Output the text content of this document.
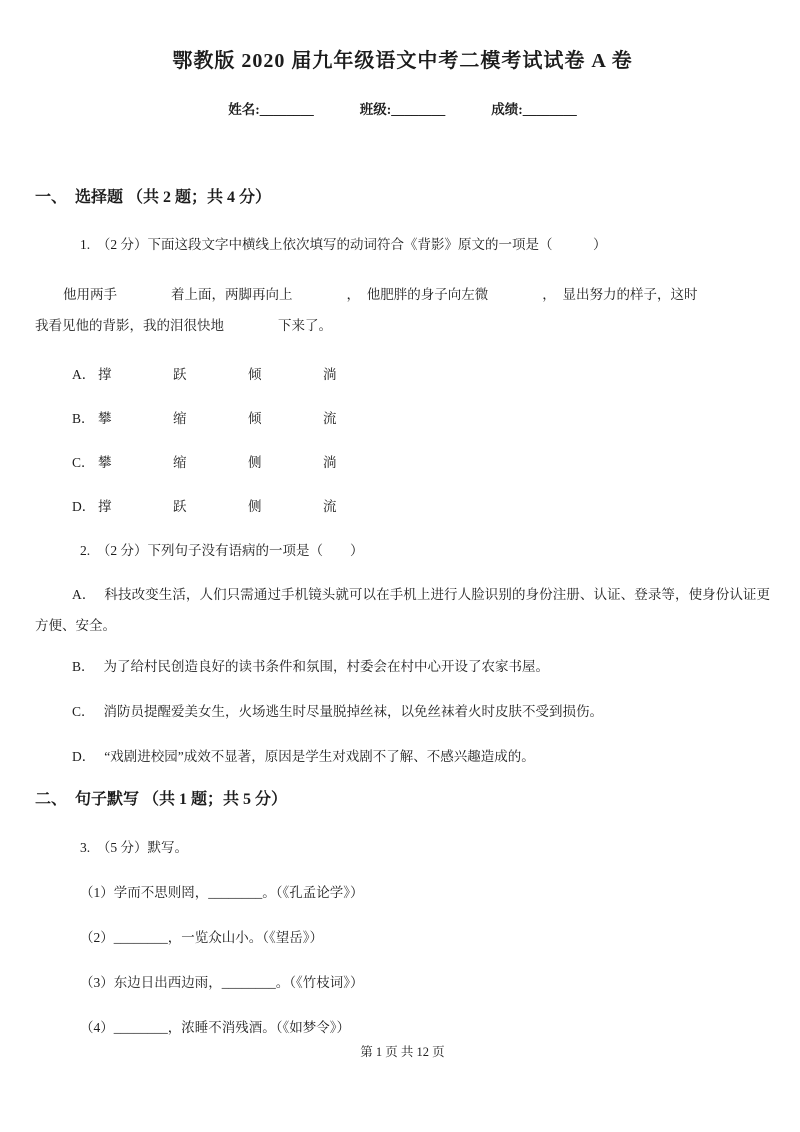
鄂教版 2020 届九年级语文中考二模考试试卷 A 卷
姓名:________	班级:________	成绩:________
一、  选择题 （共 2 题；共 4 分）

1.  （2 分）下面这段文字中横线上依次填写的动词符合《背影》原文的一项是（　　　）

他用两手　　　　着上面，两脚再向上　　　　，  他肥胖的身子向左微　　　　，  显出努力的样子，这时

我看见他的背影，我的泪很快地　　　　下来了。

A． 撑	跃	倾	淌
B． 攀	缩	倾	流
C． 攀	缩	侧	淌
D． 撑	跃	侧	流

2.  （2 分）下列句子没有语病的一项是（　　）

A． 科技改变生活，人们只需通过手机镜头就可以在手机上进行人脸识别的身份注册、认证、登录等，使身份认证更方便、安全。

B． 为了给村民创造良好的读书条件和氛围，村委会在村中心开设了农家书屋。

C． 消防员提醒爱美女生，火场逃生时尽量脱掉丝袜，以免丝袜着火时皮肤不受到损伤。

D． “戏剧进校园”成效不显著，原因是学生对戏剧不了解、不感兴趣造成的。

二、  句子默写 （共 1 题；共 5 分）

3.  （5 分）默写。

（1）学而不思则罔，________。（《孔孟论学》）

（2）________，一览众山小。（《望岳》）

（3）东边日出西边雨，________。（《竹枝词》）

（4）________，浓睡不消残酒。（《如梦令》）

第 1 页 共 12 页
